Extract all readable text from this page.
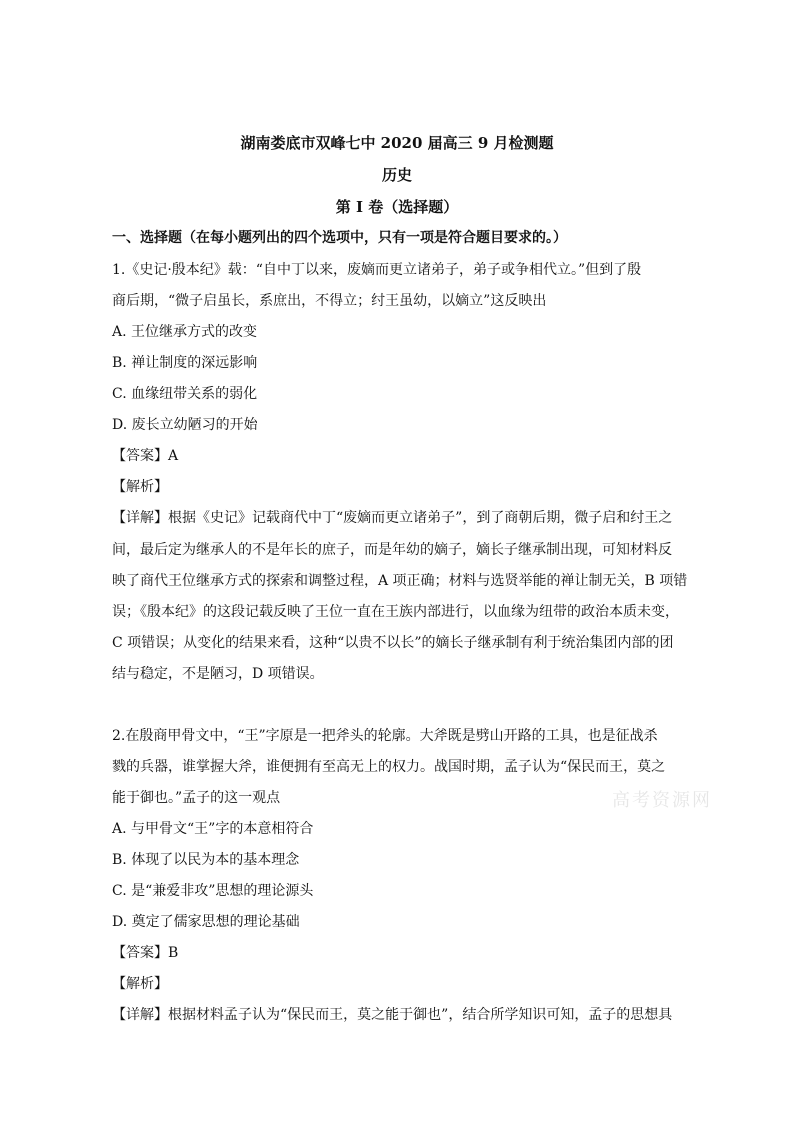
高考资源网
湖南娄底市双峰七中 2020 届高三 9 月检测题
历史
第 I 卷（选择题）
一、选择题（在每小题列出的四个选项中，只有一项是符合题目要求的。）
1.《史记·殷本纪》载：“自中丁以来，废嫡而更立诸弟子，弟子或争相代立。”但到了殷
商后期，“微子启虽长，系庶出，不得立；纣王虽幼，以嫡立”这反映出
A. 王位继承方式的改变
B. 禅让制度的深远影响
C. 血缘纽带关系的弱化
D. 废长立幼陋习的开始
【答案】A
【解析】
【详解】根据《史记》记载商代中丁“废嫡而更立诸弟子”，到了商朝后期，微子启和纣王之
间，最后定为继承人的不是年长的庶子，而是年幼的嫡子，嫡长子继承制出现，可知材料反
映了商代王位继承方式的探索和调整过程，A 项正确；材料与选贤举能的禅让制无关，B 项错
误；《殷本纪》的这段记载反映了王位一直在王族内部进行，以血缘为纽带的政治本质未变，
C 项错误；从变化的结果来看，这种“以贵不以长”的嫡长子继承制有利于统治集团内部的团
结与稳定，不是陋习，D 项错误。
2.在殷商甲骨文中，“王”字原是一把斧头的轮廓。大斧既是劈山开路的工具，也是征战杀
戮的兵器，谁掌握大斧，谁便拥有至高无上的权力。战国时期，孟子认为“保民而王，莫之
能于御也。”孟子的这一观点
A. 与甲骨文“王”字的本意相符合
B. 体现了以民为本的基本理念
C. 是“兼爱非攻”思想的理论源头
D. 奠定了儒家思想的理论基础
【答案】B
【解析】
【详解】根据材料孟子认为“保民而王，莫之能于御也”，结合所学知识可知，孟子的思想具
